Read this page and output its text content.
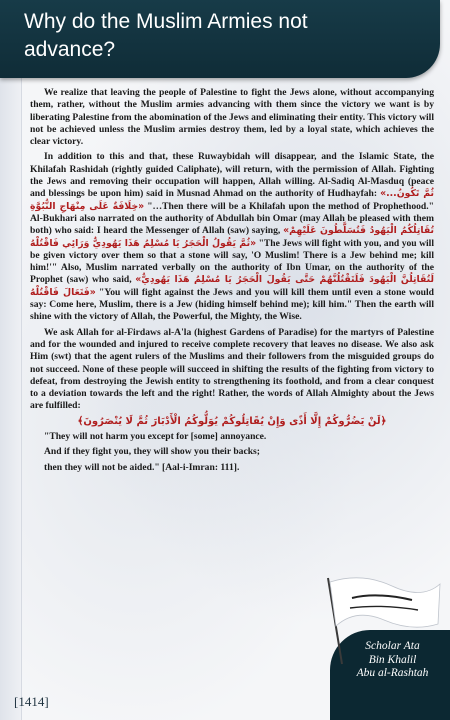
Why do the Muslim Armies not advance?

We realize that leaving the people of Palestine to fight the Jews alone, without accompanying them, rather, without the Muslim armies advancing with them since the victory we want is by liberating Palestine from the abomination of the Jews and eliminating their entity. This victory will not be achieved unless the Muslim armies destroy them, led by a loyal state, which achieves the clear victory.

In addition to this and that, these Ruwaybidah will disappear, and the Islamic State, the Khilafah Rashidah (rightly guided Caliphate), will return, with the permission of Allah. Fighting the Jews and removing their occupation will happen, Allah willing. Al-Sadiq Al-Masduq (peace and blessings be upon him) said in Musnad Ahmad on the authority of Hudhayfah: «...ثُمَّ تَكُونُ خِلَافَةٌ عَلَى مِنْهَاجِ النُّبُوَّةِ» "…Then there will be a Khilafah upon the method of Prophethood." Al-Bukhari also narrated on the authority of Abdullah bin Omar (may Allah be pleased with them both) who said: I heard the Messenger of Allah (saw) saying, «تُقَاتِلُكُمُ الْيَهُودُ فَتُسَلَّطُونَ عَلَيْهِمْ ثُمَّ يَقُولُ الْحَجَرُ يَا مُسْلِمُ هَذَا يَهُودِيٌّ وَرَائِي فَاقْتُلْهُ» "The Jews will fight with you, and you will be given victory over them so that a stone will say, 'O Muslim! There is a Jew behind me; kill him!'" Also, Muslim narrated verbally on the authority of Ibn Umar, on the authority of the Prophet (saw) who said, «لَتُقَاتِلُنَّ الْيَهُودَ فَلَتَقْتُلُنَّهُمْ حَتَّى يَقُولَ الْحَجَرُ يَا مُسْلِمُ هَذَا يَهُودِيٌّ فَتَعَالَ فَاقْتُلْهُ» "You will fight against the Jews and you will kill them until even a stone would say: Come here, Muslim, there is a Jew (hiding himself behind me); kill him." Then the earth will shine with the victory of Allah, the Powerful, the Mighty, the Wise.

We ask Allah for al-Firdaws al-A'la (highest Gardens of Paradise) for the martyrs of Palestine and for the wounded and injured to receive complete recovery that leaves no disease. We also ask Him (swt) that the agent rulers of the Muslims and their followers from the misguided groups do not succeed. None of these people will succeed in shifting the results of the fighting from victory to defeat, from destroying the Jewish entity to strengthening its foothold, and from a clear conquest to a deviation towards the left and the right! Rather, the words of Allah Almighty about the Jews are fulfilled:

﴿لَنْ يَضُرُّوكُمْ إِلَّا أَذًى وَإِنْ يُقَاتِلُوكُمْ يُوَلُّوكُمُ الْأَدْبَارَ ثُمَّ لَا يُنْصَرُونَ﴾

"They will not harm you except for [some] annoyance.

And if they fight you, they will show you their backs;

then they will not be aided." [Aal-i-Imran: 111].

Scholar Ata
Bin Khalil
Abu al-Rashtah
[1414]
